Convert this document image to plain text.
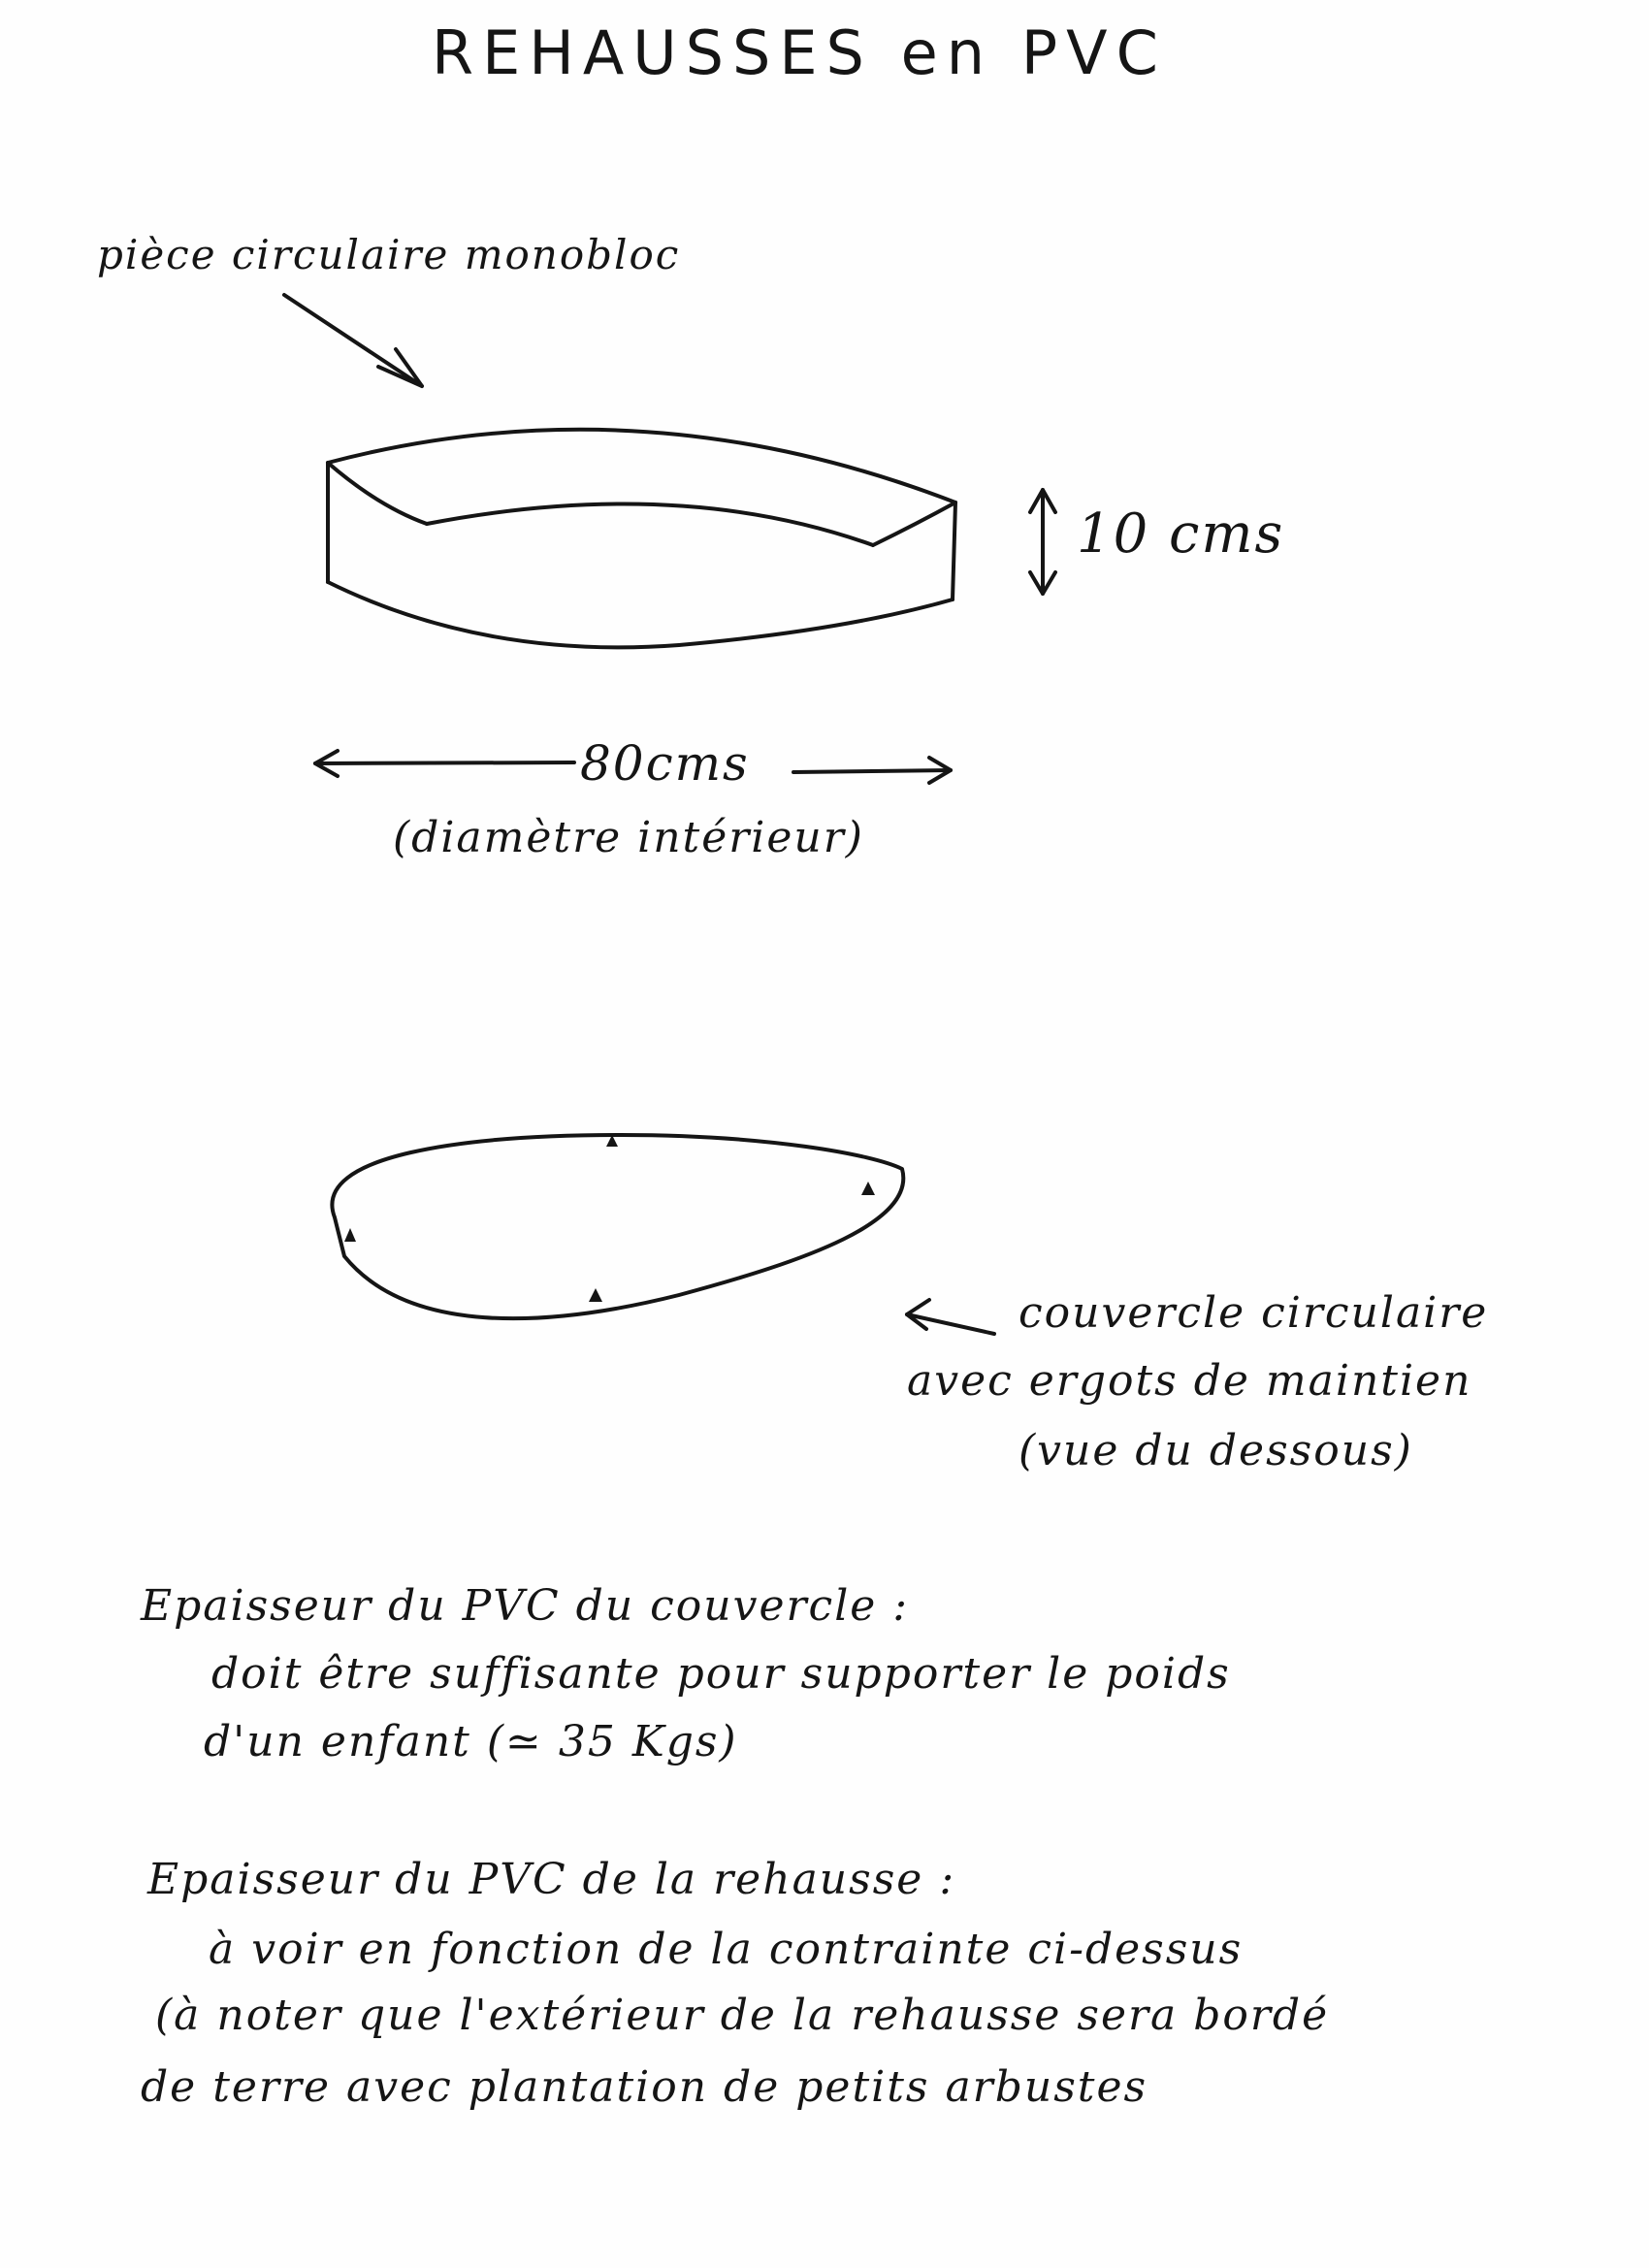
REHAUSSES en PVC
pièce circulaire monobloc
10 cms
80cms
(diamètre intérieur)
couvercle circulaire
avec ergots de maintien
(vue du dessous)
Epaisseur du PVC du couvercle :
doit être suffisante pour supporter le poids
d'un enfant (≃ 35 Kgs)
Epaisseur du PVC de la rehausse :
à voir en fonction de la contrainte ci-dessus
(à noter que l'extérieur de la rehausse sera bordé
de terre avec plantation de petits arbustes
